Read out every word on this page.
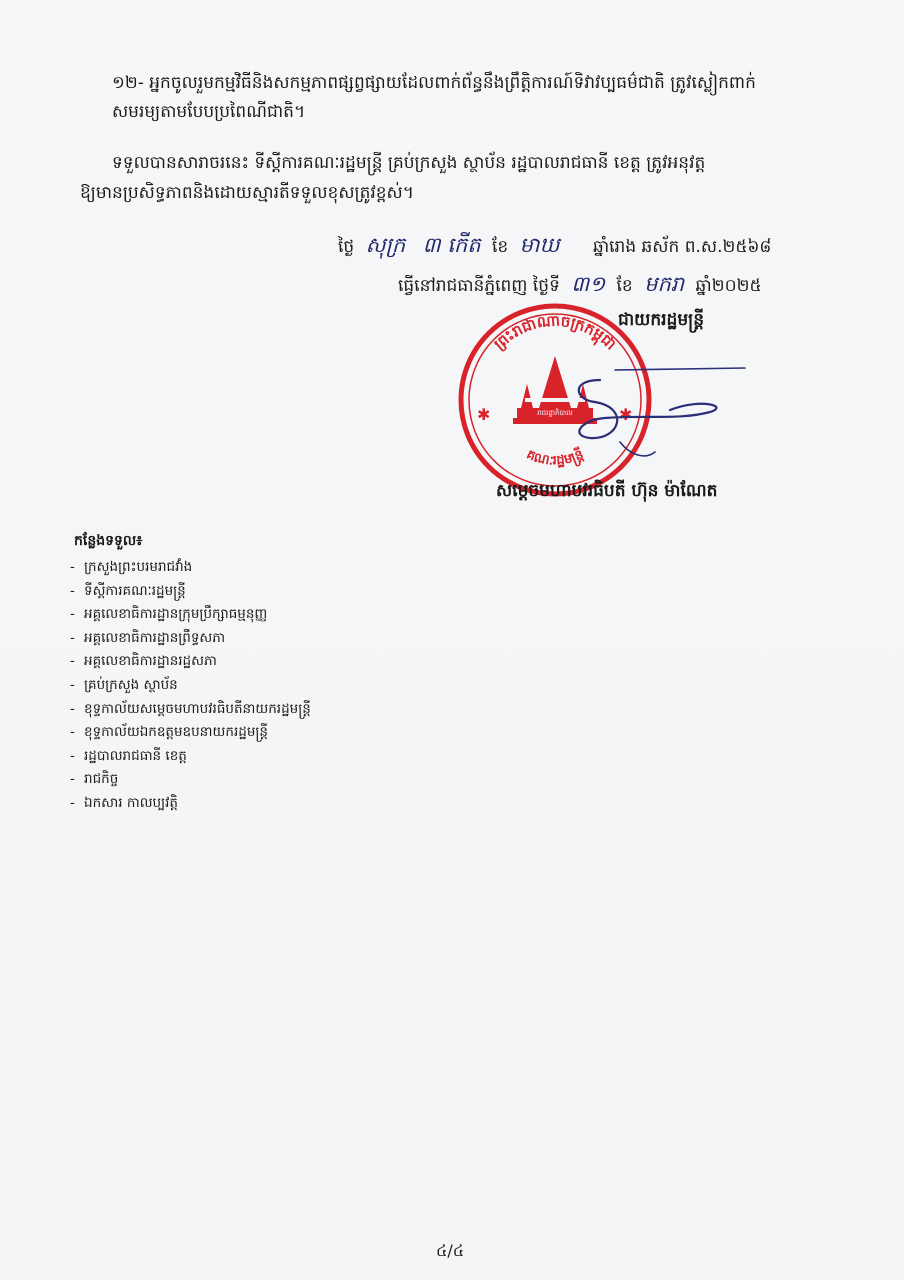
១២- អ្នកចូលរួមកម្មវិធីនិងសកម្មភាពផ្សព្វផ្សាយដែលពាក់ព័ន្ធនឹងព្រឹត្តិការណ៍ទិវាវប្បធម៌ជាតិ ត្រូវស្លៀកពាក់
សមរម្យតាមបែបប្រពៃណីជាតិ។
ទទួលបានសារាចរនេះ ទីស្ដីការគណៈរដ្ឋមន្ត្រី គ្រប់ក្រសួង ស្ថាប័ន រដ្ឋបាលរាជធានី ខេត្ត ត្រូវអនុវត្ត
ឱ្យមានប្រសិទ្ធភាពនិងដោយស្មារតីទទួលខុសត្រូវខ្ពស់។
ថ្ងៃ សុក្រ ៣ កើត ខែ មាឃ ឆ្នាំរោង ឆស័ក ព.ស.២៥៦៨
ធ្វើនៅរាជធានីភ្នំពេញ ថ្ងៃទី ៣១ ខែ មករា ឆ្នាំ២០២៥
ព្រះរាជាណាចក្រកម្ពុជា
គណៈរដ្ឋមន្ត្រី
✱	✱
រាជរដ្ឋាភិបាល
ជាយករដ្ឋមន្ត្រី
សម្ដេចមហាបវរធិបតី ហ៊ុន ម៉ាណែត
កន្លែងទទួល៖
- ក្រសួងព្រះបរមរាជវាំង
- ទីស្ដីការគណៈរដ្ឋមន្ត្រី
- អគ្គលេខាធិការដ្ឋានក្រុមប្រឹក្សាធម្មនុញ្ញ
- អគ្គលេខាធិការដ្ឋានព្រឹទ្ធសភា
- អគ្គលេខាធិការដ្ឋានរដ្ឋសភា
- គ្រប់ក្រសួង ស្ថាប័ន
- ខុទ្ទកាល័យសម្ដេចមហាបវរធិបតីនាយករដ្ឋមន្ត្រី
- ខុទ្ទកាល័យឯកឧត្ដមឧបនាយករដ្ឋមន្ត្រី
- រដ្ឋបាលរាជធានី ខេត្ត
- រាជកិច្ច
- ឯកសារ កាលប្បវត្តិ
៤/៤
